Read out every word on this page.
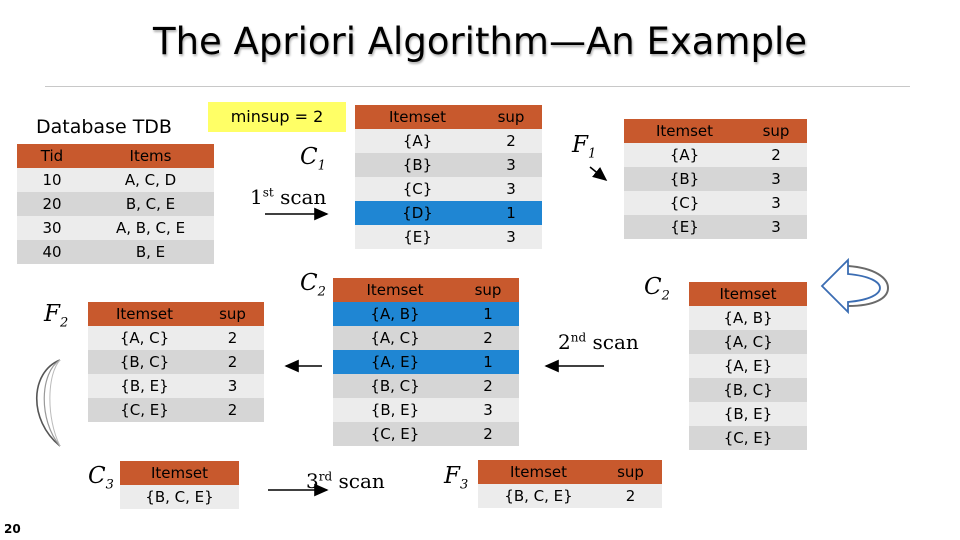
The Apriori Algorithm—An Example
Database TDB	minsup = 2
Tid	Items
10	A, C, D
20	B, C, E
30	A, B, C, E
40	B, E
$C_1$
1st scan
Itemset	sup
{A}	2
{B}	3
{C}	3
{D}	1
{E}	3
$F_1$
Itemset	sup
{A}	2
{B}	3
{C}	3
{E}	3
$C_2$	$C_2$
$F_2$
Itemset	sup
{A, C}	2
{B, C}	2
{B, E}	3
{C, E}	2
Itemset	sup
{A, B}	1
{A, C}	2
{A, E}	1
{B, C}	2
{B, E}	3
{C, E}	2
2nd scan
Itemset
{A, B}
{A, C}
{A, E}
{B, C}
{B, E}
{C, E}
$C_3$
Itemset
{B, C, E}
3rd scan	$F_3$
Itemset	sup
{B, C, E}	2
20
